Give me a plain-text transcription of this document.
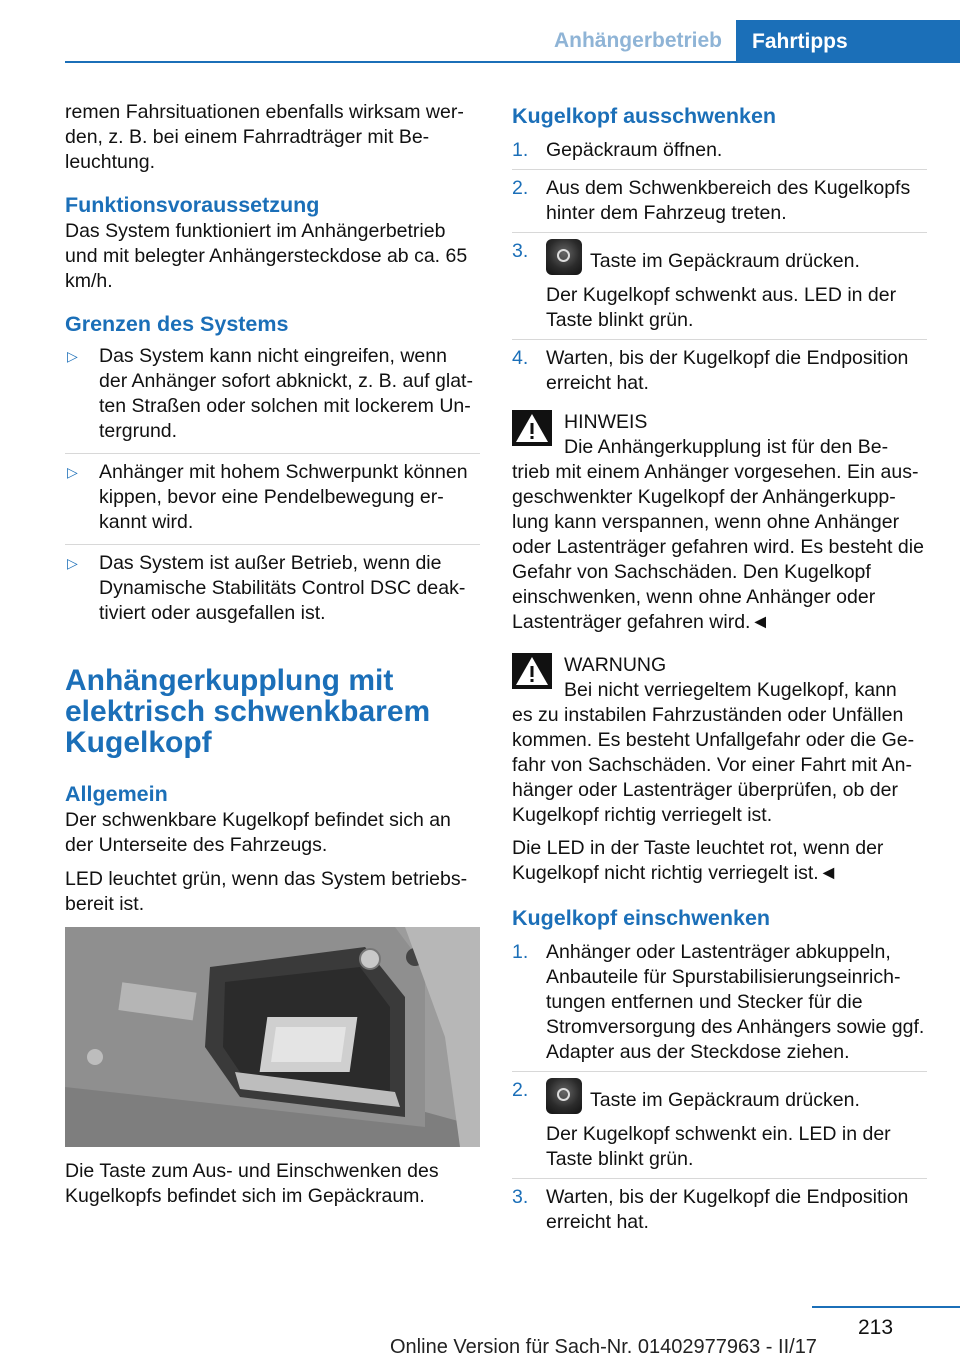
Anhängerbetrieb	Fahrtipps

remen Fahrsituationen ebenfalls wirksam wer-den, z. B. bei einem Fahrradträger mit Be-leuchtung.

Funktionsvoraussetzung

Das System funktioniert im Anhängerbetrieb und mit belegter Anhängersteckdose ab ca. 65 km/h.

Grenzen des Systems
▷ Das System kann nicht eingreifen, wenn der Anhänger sofort abknickt, z. B. auf glat-ten Straßen oder solchen mit lockerem Un-tergrund.
▷ Anhänger mit hohem Schwerpunkt können kippen, bevor eine Pendelbewegung er-kannt wird.
▷ Das System ist außer Betrieb, wenn die Dynamische Stabilitäts Control DSC deak-tiviert oder ausgefallen ist.
Anhängerkupplung mit elektrisch schwenkbarem Kugelkopf
Allgemein

Der schwenkbare Kugelkopf befindet sich an der Unterseite des Fahrzeugs.

LED leuchtet grün, wenn das System betriebs-bereit ist.

Die Taste zum Aus- und Einschwenken des Kugelkopfs befindet sich im Gepäckraum.

Kugelkopf ausschwenken
1. Gepäckraum öffnen.
2. Aus dem Schwenkbereich des Kugelkopfs hinter dem Fahrzeug treten.
3.	Taste im Gepäckraum drücken.
Der Kugelkopf schwenkt aus. LED in der Taste blinkt grün.
4. Warten, bis der Kugelkopf die Endposition erreicht hat.
HINWEIS
Die Anhängerkupplung ist für den Be-
trieb mit einem Anhänger vorgesehen. Ein aus-geschwenkter Kugelkopf der Anhängerkupp-lung kann verspannen, wenn ohne Anhänger oder Lastenträger gefahren wird. Es besteht die Gefahr von Sachschäden. Den Kugelkopf einschwenken, wenn ohne Anhänger oder Lastenträger gefahren wird.◄
WARNUNG
Bei nicht verriegeltem Kugelkopf, kann
es zu instabilen Fahrzuständen oder Unfällen kommen. Es besteht Unfallgefahr oder die Ge-fahr von Sachschäden. Vor einer Fahrt mit An-hänger oder Lastenträger überprüfen, ob der Kugelkopf richtig verriegelt ist.

Die LED in der Taste leuchtet rot, wenn der Kugelkopf nicht richtig verriegelt ist.◄

Kugelkopf einschwenken
1. Anhänger oder Lastenträger abkuppeln, Anbauteile für Spurstabilisierungseinrich-tungen entfernen und Stecker für die Stromversorgung des Anhängers sowie ggf. Adapter aus der Steckdose ziehen.
2.	Taste im Gepäckraum drücken.
Der Kugelkopf schwenkt ein. LED in der Taste blinkt grün.
3. Warten, bis der Kugelkopf die Endposition erreicht hat.
213
Online Version für Sach-Nr. 01402977963 - II/17
